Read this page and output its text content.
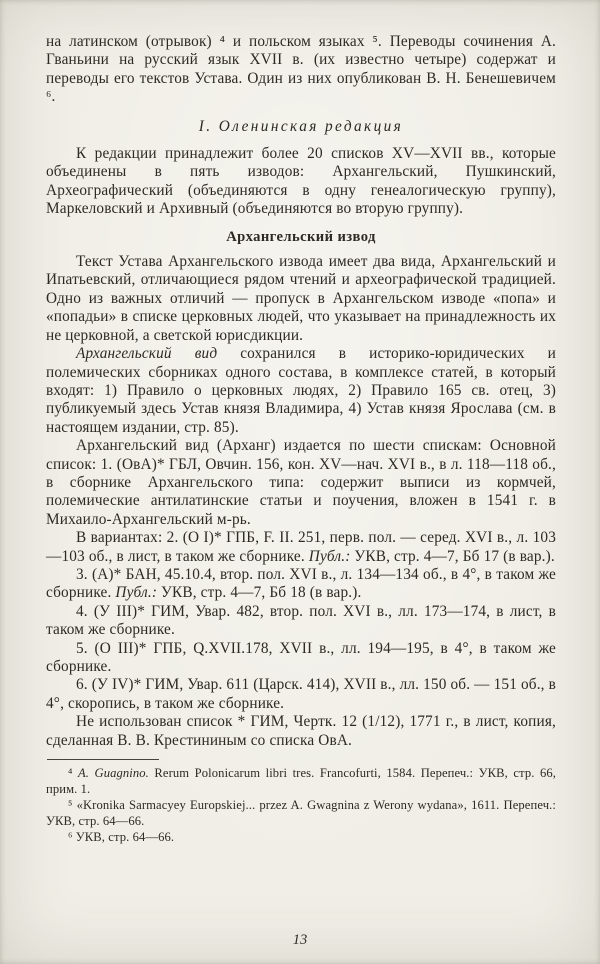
на латинском (отрывок) ⁴ и польском языках ⁵. Переводы сочинения А. Гваньини на русский язык XVII в. (их известно четыре) содержат и переводы его текстов Устава. Один из них опубликован В. Н. Бенешевичем ⁶.

I. Оленинская редакция

К редакции принадлежит более 20 списков XV—XVII вв., которые объединены в пять изводов: Архангельский, Пушкинский, Археографический (объединяются в одну генеалогическую группу), Маркеловский и Архивный (объединяются во вторую группу).

Архангельский извод

Текст Устава Архангельского извода имеет два вида, Архангельский и Ипатьевский, отличающиеся рядом чтений и археографической традицией. Одно из важных отличий — пропуск в Архангельском изводе «попа» и «попадьи» в списке церковных людей, что указывает на принадлежность их не церковной, а светской юрисдикции.

Архангельский вид сохранился в историко-юридических и полемических сборниках одного состава, в комплексе статей, в который входят: 1) Правило о церковных людях, 2) Правило 165 св. отец, 3) публикуемый здесь Устав князя Владимира, 4) Устав князя Ярослава (см. в настоящем издании, стр. 85).

Архангельский вид (Арханг) издается по шести спискам: Основной список: 1. (ОвА)* ГБЛ, Овчин. 156, кон. XV—нач. XVI в., в л. 118—118 об., в сборнике Архангельского типа: содержит выписи из кормчей, полемические антилатинские статьи и поучения, вложен в 1541 г. в Михаило-Архангельский м-рь.

В вариантах: 2. (О I)* ГПБ, F. II. 251, перв. пол. — серед. XVI в., л. 103—103 об., в лист, в таком же сборнике. Публ.: УКВ, стр. 4—7, Бб 17 (в вар.).

3. (А)* БАН, 45.10.4, втор. пол. XVI в., л. 134—134 об., в 4°, в таком же сборнике. Публ.: УКВ, стр. 4—7, Бб 18 (в вар.).

4. (У III)* ГИМ, Увар. 482, втор. пол. XVI в., лл. 173—174, в лист, в таком же сборнике.

5. (О III)* ГПБ, Q.XVII.178, XVII в., лл. 194—195, в 4°, в таком же сборнике.

6. (У IV)* ГИМ, Увар. 611 (Царск. 414), XVII в., лл. 150 об. — 151 об., в 4°, скоропись, в таком же сборнике.

Не использован список * ГИМ, Чертк. 12 (1/12), 1771 г., в лист, копия, сделанная В. В. Крестининым со списка ОвА.

⁴ A. Guagnino. Rerum Polonicarum libri tres. Francofurti, 1584. Перепеч.: УКВ, стр. 66, прим. 1.

⁵ «Kronika Sarmacyey Europskiej... przez A. Gwagnina z Werony wydana», 1611. Перепеч.: УКВ, стр. 64—66.

⁶ УКВ, стр. 64—66.

13
